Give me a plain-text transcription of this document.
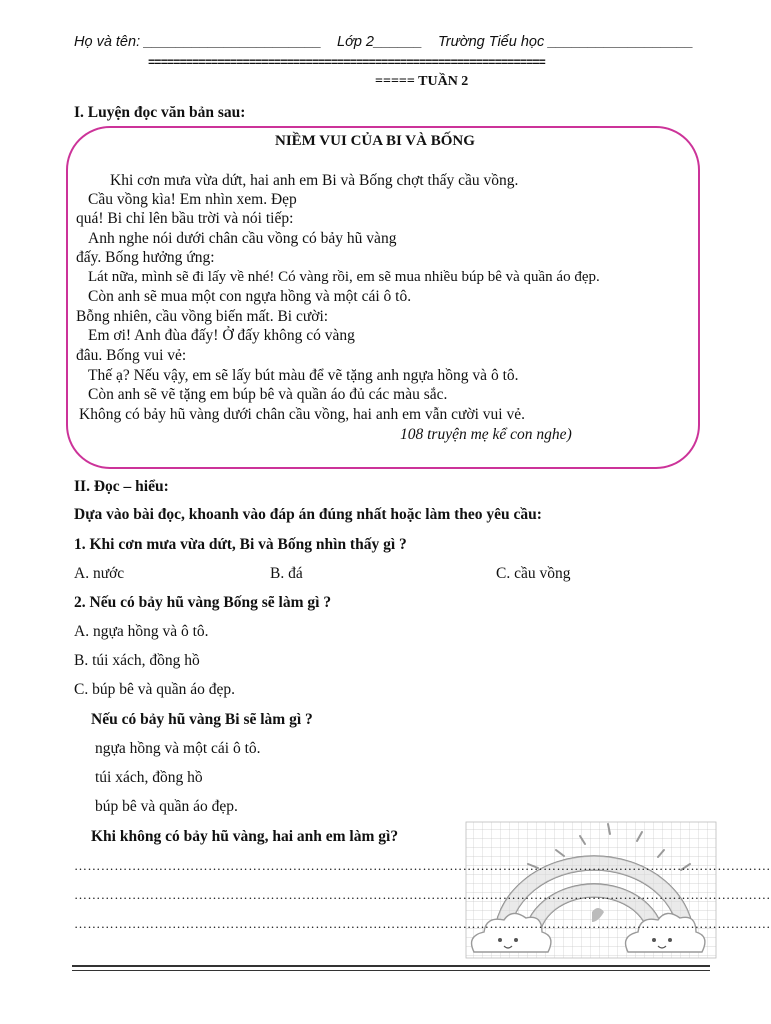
Họ và tên: ______________________ Lớp 2______ Trường Tiểu học __________________
===============================================================
===== TUẦN 2
I. Luyện đọc văn bản sau:
NIỀM VUI CỦA BI VÀ BỐNG
Khi cơn mưa vừa dứt, hai anh em Bi và Bống chợt thấy cầu vồng.
Cầu vồng kìa! Em nhìn xem. Đẹp
quá! Bi chỉ lên bầu trời và nói tiếp:
Anh nghe nói dưới chân cầu vồng có bảy hũ vàng
đấy. Bống hưởng ứng:
Lát nữa, mình sẽ đi lấy về nhé! Có vàng rồi, em sẽ mua nhiều búp bê và quần áo đẹp.
Còn anh sẽ mua một con ngựa hồng và một cái ô tô.
Bỗng nhiên, cầu vồng biến mất. Bi cười:
Em ơi! Anh đùa đấy! Ở đấy không có vàng
đâu. Bống vui vẻ:
Thế ạ? Nếu vậy, em sẽ lấy bút màu để vẽ tặng anh ngựa hồng và ô tô.
Còn anh sẽ vẽ tặng em búp bê và quần áo đủ các màu sắc.
Không có bảy hũ vàng dưới chân cầu vồng, hai anh em vẫn cười vui vẻ.
108 truyện mẹ kể con nghe)
II. Đọc – hiểu:
Dựa vào bài đọc, khoanh vào đáp án đúng nhất hoặc làm theo yêu cầu:
1. Khi cơn mưa vừa dứt, Bi và Bống nhìn thấy gì ?
A. nước	B. đá	C. cầu vồng
2. Nếu có bảy hũ vàng Bống sẽ làm gì ?
A. ngựa hồng và ô tô.
B. túi xách, đồng hồ
C. búp bê và quần áo đẹp.
Nếu có bảy hũ vàng Bi sẽ làm gì ?
ngựa hồng và một cái ô tô.
túi xách, đồng hồ
búp bê và quần áo đẹp.
Khi không có bảy hũ vàng, hai anh em làm gì?
…………………………………………………………………………………………………………………………………………
…………………………………………………………………………………………………………………………………………
…………………………………………………………………………………………………………………………………………
